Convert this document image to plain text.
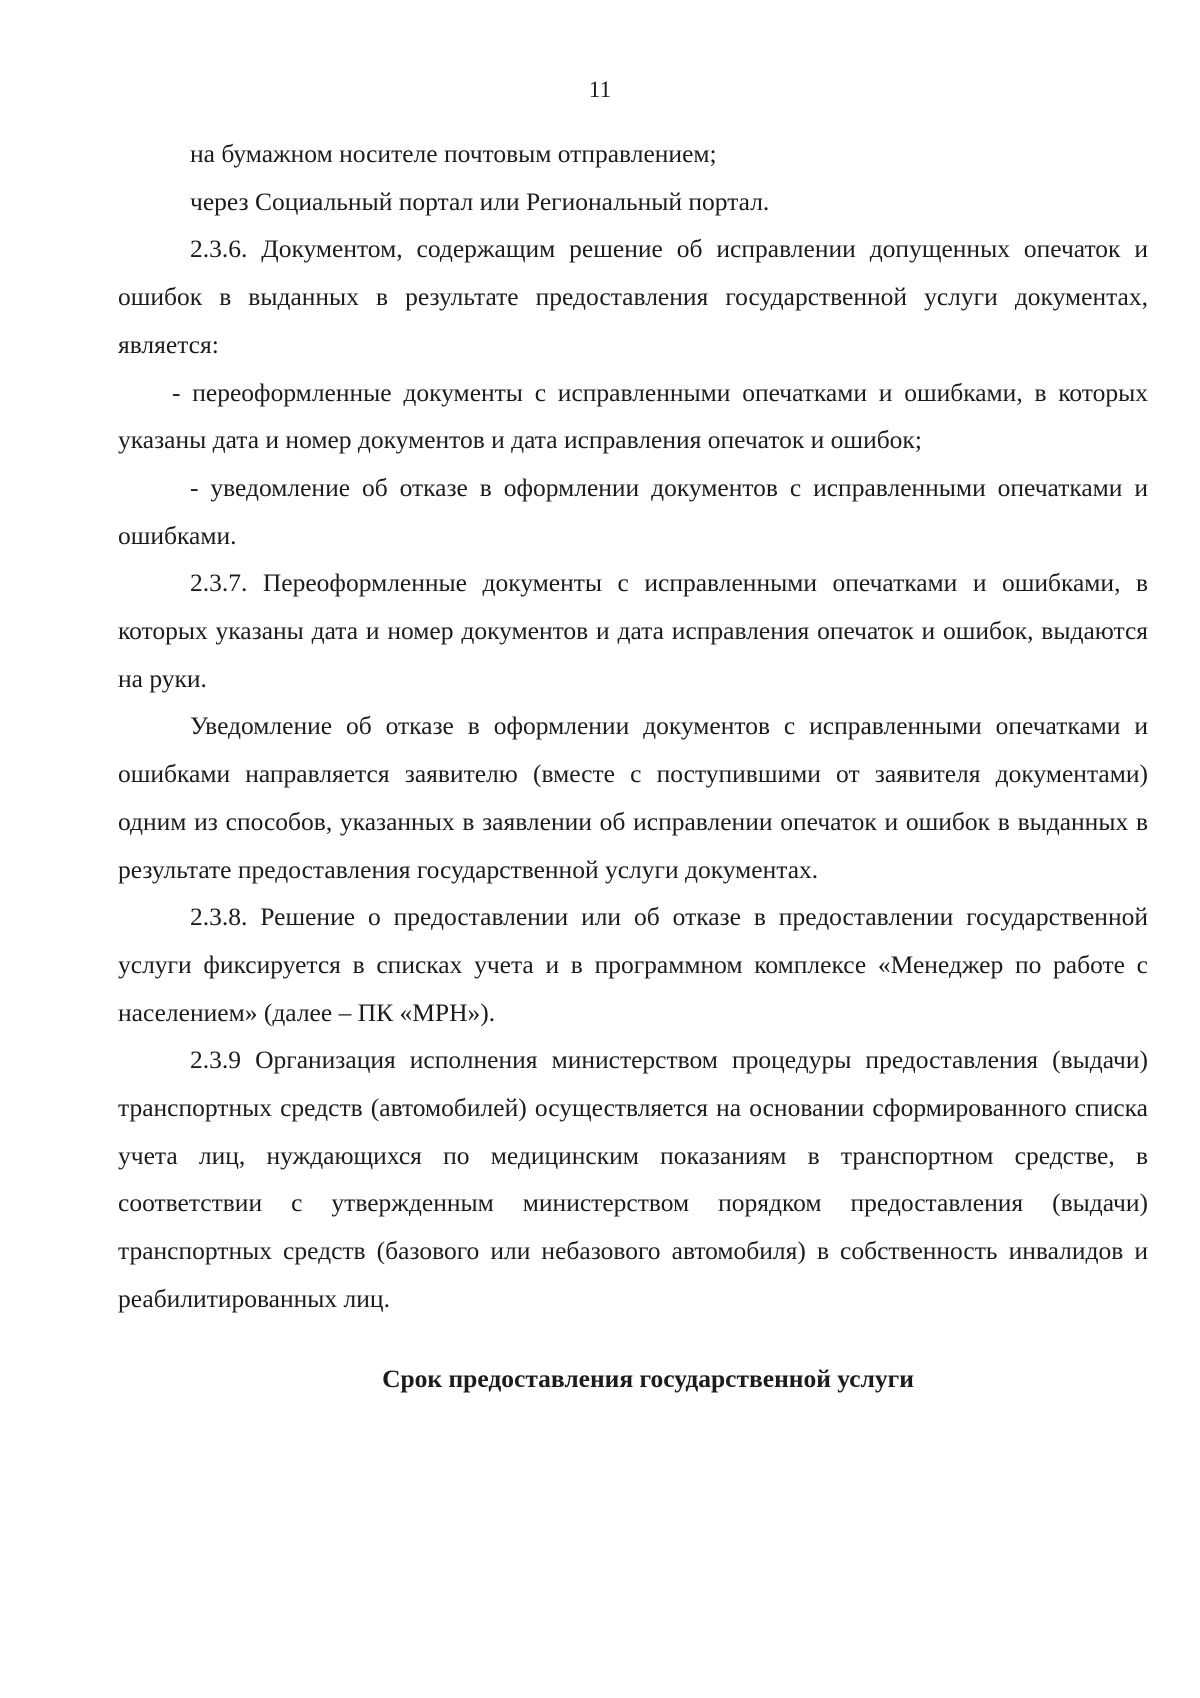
11

на бумажном носителе почтовым отправлением;

через Социальный портал или Региональный портал.

2.3.6. Документом, содержащим решение об исправлении допущенных опечаток и ошибок в выданных в результате предоставления государственной услуги документах, является:

- переоформленные документы с исправленными опечатками и ошибками, в которых указаны дата и номер документов и дата исправления опечаток и ошибок;

- уведомление об отказе в оформлении документов с исправленными опечатками и ошибками.

2.3.7. Переоформленные документы с исправленными опечатками и ошибками, в которых указаны дата и номер документов и дата исправления опечаток и ошибок, выдаются на руки.

Уведомление об отказе в оформлении документов с исправленными опечатками и ошибками направляется заявителю (вместе с поступившими от заявителя документами) одним из способов, указанных в заявлении об исправлении опечаток и ошибок в выданных в результате предоставления государственной услуги документах.

2.3.8. Решение о предоставлении или об отказе в предоставлении государственной услуги фиксируется в списках учета и в программном комплексе «Менеджер по работе с населением» (далее – ПК «МРН»).

2.3.9 Организация исполнения министерством процедуры предоставления (выдачи) транспортных средств (автомобилей) осуществляется на основании сформированного списка учета лиц, нуждающихся по медицинским показаниям в транспортном средстве, в соответствии с утвержденным министерством порядком предоставления (выдачи) транспортных средств (базового или небазового автомобиля) в собственность инвалидов и реабилитированных лиц.

Срок предоставления государственной услуги
